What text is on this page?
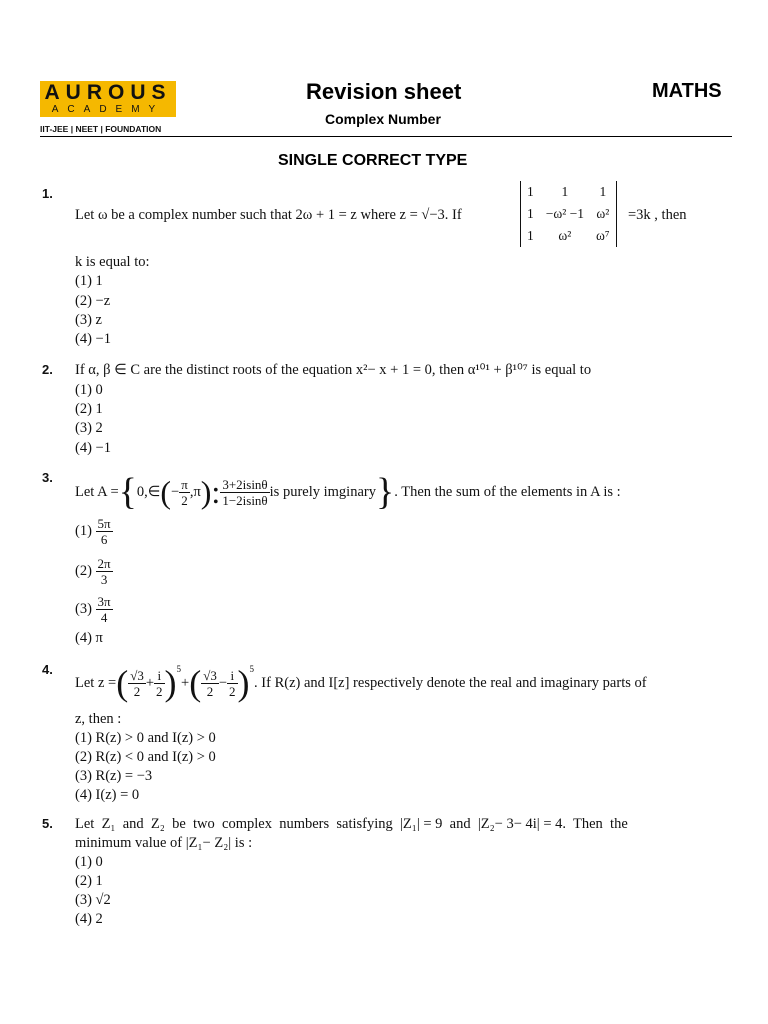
AUROUS
ACADEMY
IIT-JEE | NEET | FOUNDATION
Revision sheet
Complex Number
MATHS
SINGLE CORRECT TYPE
1.
Let ω be a complex number such that 2ω + 1 = z where z = √−3. If
1	1	1
1	−ω² −1	ω²
1	ω²	ω⁷
=3k , then
k is equal to:
(1) 1
(2) −z
(3) z
(4) −1
2. If α, β ∈ C are the distinct roots of the equation x²− x + 1 = 0, then α¹⁰¹ + β¹⁰⁷ is equal to
(1) 0
(2) 1
(3) 2
(4) −1
3.
Let A = { 0,∈ ( − $\frac{\pi}{2} ,\pi$ ): $\frac{3+2isin\theta}{1-2isin\theta}$ is purely imginary } . Then the sum of the elements in A is :
(1)
$\frac{5\pi}{6}$
(2)
$\frac{2\pi}{3}$
(3)
$\frac{3\pi}{4}$
(4) π
4.
Let z = ( $\frac{√3}{2} + \frac{i}{2} )^5$
+ ( $\frac{√3}{2} - \frac{i}{2} )^5$
. If R(z) and I[z] respectively denote the real and imaginary parts of
z, then :
(1) R(z) > 0 and I(z) > 0
(2) R(z) < 0 and I(z) > 0
(3) R(z) = −3
(4) I(z) = 0
5. Let  Z₁  and  Z₂  be  two  complex  numbers  satisfying  |Z₁| = 9  and  |Z₂− 3− 4i| = 4.  Then  the
minimum value of |Z₁− Z₂| is :
(1) 0
(2) 1
(3) √2
(4) 2
